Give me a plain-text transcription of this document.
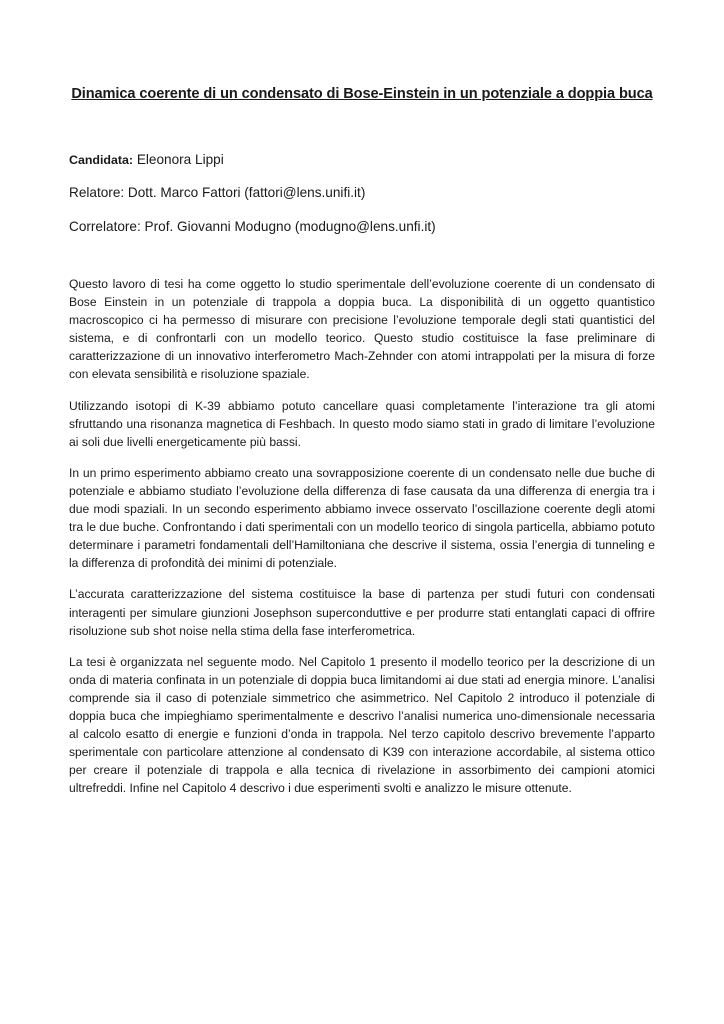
Dinamica coerente di un condensato di Bose-Einstein in un potenziale a doppia buca
Candidata: Eleonora Lippi
Relatore: Dott. Marco Fattori (fattori@lens.unifi.it)
Correlatore: Prof. Giovanni Modugno (modugno@lens.unfi.it)

Questo lavoro di tesi ha come oggetto lo studio sperimentale dell’evoluzione coerente di un condensato di Bose Einstein in un potenziale di trappola a doppia buca. La disponibilità di un oggetto quantistico macroscopico ci ha permesso di misurare con precisione l’evoluzione temporale degli stati quantistici del sistema, e di confrontarli con un modello teorico. Questo studio costituisce la fase preliminare di caratterizzazione di un innovativo interferometro Mach-Zehnder con atomi intrappolati per la misura di forze con elevata sensibilità e risoluzione spaziale.

Utilizzando isotopi di K-39 abbiamo potuto cancellare quasi completamente l’interazione tra gli atomi sfruttando una risonanza magnetica di Feshbach. In questo modo siamo stati in grado di limitare l’evoluzione ai soli due livelli energeticamente più bassi.

In un primo esperimento abbiamo creato una sovrapposizione coerente di un condensato nelle due buche di potenziale e abbiamo studiato l’evoluzione della differenza di fase causata da una differenza di energia tra i due modi spaziali. In un secondo esperimento abbiamo invece osservato l’oscillazione coerente degli atomi tra le due buche. Confrontando i dati sperimentali con un modello teorico di singola particella, abbiamo potuto determinare i parametri fondamentali dell’Hamiltoniana che descrive il sistema, ossia l’energia di tunneling e la differenza di profondità dei minimi di potenziale.

L’accurata caratterizzazione del sistema costituisce la base di partenza per studi futuri con condensati interagenti per simulare giunzioni Josephson superconduttive e per produrre stati entanglati capaci di offrire risoluzione sub shot noise nella stima della fase interferometrica.

La tesi è organizzata nel seguente modo. Nel Capitolo 1 presento il modello teorico per la descrizione di un onda di materia confinata in un potenziale di doppia buca limitandomi ai due stati ad energia minore. L’analisi comprende sia il caso di potenziale simmetrico che asimmetrico. Nel Capitolo 2 introduco il potenziale di doppia buca che impieghiamo sperimentalmente e descrivo l’analisi numerica uno-dimensionale necessaria al calcolo esatto di energie e funzioni d’onda in trappola. Nel terzo capitolo descrivo brevemente l’apparto sperimentale con particolare attenzione al condensato di K39 con interazione accordabile, al sistema ottico per creare il potenziale di trappola e alla tecnica di rivelazione in assorbimento dei campioni atomici ultrefreddi. Infine nel Capitolo 4 descrivo i due esperimenti svolti e analizzo le misure ottenute.
